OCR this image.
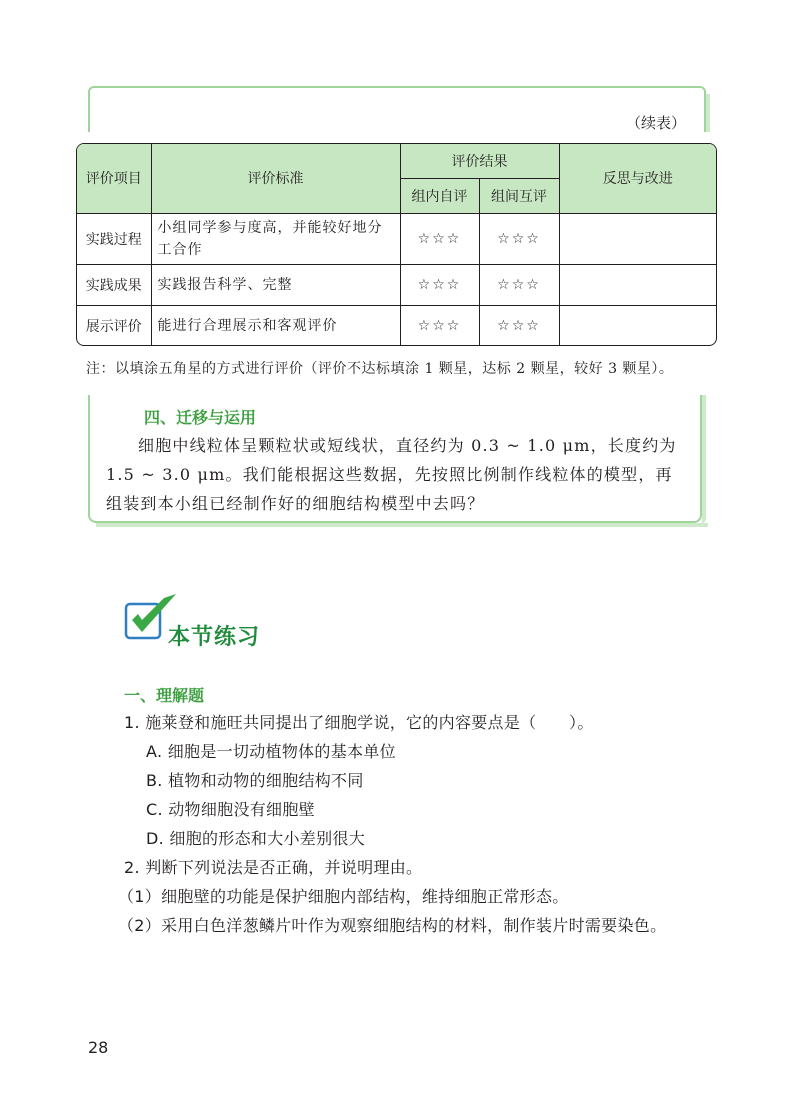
（续表）
评价项目	评价标准	评价结果		反思与改进
		组内自评	组间互评	
实践过程	小组同学参与度高，并能较好地分工合作	☆☆☆	☆☆☆	
实践成果	实践报告科学、完整	☆☆☆	☆☆☆	
展示评价	能进行合理展示和客观评价	☆☆☆	☆☆☆	
注：以填涂五角星的方式进行评价（评价不达标填涂 1 颗星，达标 2 颗星，较好 3 颗星）。
四、迁移与运用
细胞中线粒体呈颗粒状或短线状，直径约为 0.3 ~ 1.0 μm，长度约为 1.5 ~ 3.0 μm。我们能根据这些数据，先按照比例制作线粒体的模型，再组装到本小组已经制作好的细胞结构模型中去吗？
本节练习
一、理解题
1. 施莱登和施旺共同提出了细胞学说，它的内容要点是（　　）。
A. 细胞是一切动植物体的基本单位
B. 植物和动物的细胞结构不同
C. 动物细胞没有细胞壁
D. 细胞的形态和大小差别很大
2. 判断下列说法是否正确，并说明理由。
（1）细胞壁的功能是保护细胞内部结构，维持细胞正常形态。
（2）采用白色洋葱鳞片叶作为观察细胞结构的材料，制作装片时需要染色。
28
